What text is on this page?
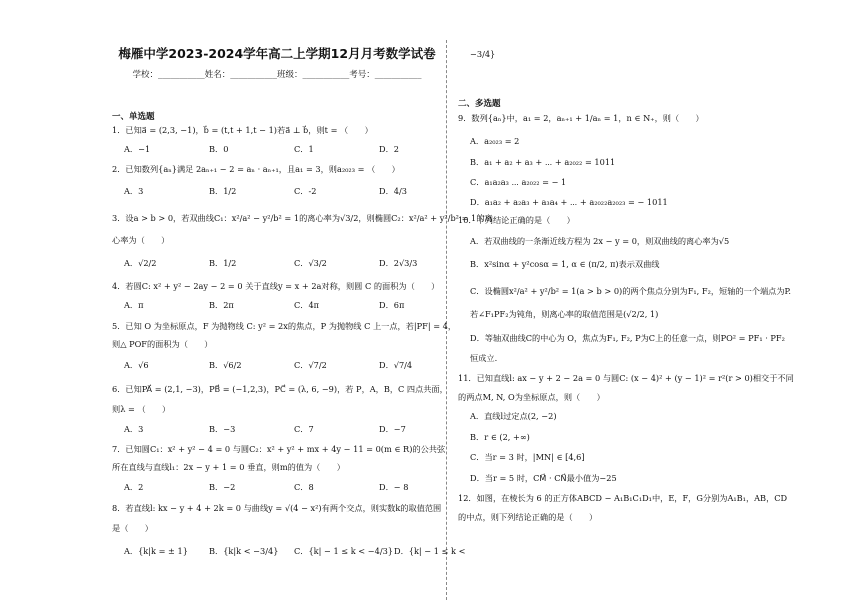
梅雁中学2023-2024学年高二上学期12月月考数学试卷
学校：___________姓名：___________班级：___________考号：___________
一、单选题
1．已知a⃗ = (2,3, −1)，b⃗ = (t,t + 1,t − 1)若a⃗ ⊥ b⃗，则t = （　　）
A．−1	B．0	C．1	D．2
2．已知数列{aₙ}满足 2aₙ₊₁ − 2 = aₙ · aₙ₊₁，且a₁ = 3，则a₂₀₂₃ = （　　）
A．3	B．1/2	C．-2	D．4/3
3．设a > b > 0，若双曲线C₁：x²/a² − y²/b² = 1的离心率为√3/2，则椭圆C₂：x²/a² + y²/b² = 1的离
心率为（　　）
A．√2/2	B．1/2	C．√3/2	D．2√3/3
4．若圆C: x² + y² − 2ay − 2 = 0 关于直线y = x + 2a对称，则圆 C 的面积为（　　）
A．π	B．2π	C．4π	D．6π
5．已知 O 为坐标原点，F 为抛物线 C: y² = 2x的焦点，P 为抛物线 C 上一点，若|PF| = 4，
则△ POF的面积为（　　）
A．√6	B．√6/2	C．√7/2	D．√7/4
6．已知PA⃗ = (2,1, −3)，PB⃗ = (−1,2,3)，PC⃗ = (λ, 6, −9)，若 P，A，B，C 四点共面，
则λ = （　　）
A．3	B．−3	C．7	D．−7
7．已知圆C₁：x² + y² − 4 = 0 与圆C₂：x² + y² + mx + 4y − 11 = 0(m ∈ R)的公共弦
所在直线与直线l₁：2x − y + 1 = 0 垂直，则m的值为（　　）
A．2	B．−2	C．8	D．− 8
8．若直线l: kx − y + 4 + 2k = 0 与曲线y = √(4 − x²)有两个交点，则实数k的取值范围
是（　　）
A．{k|k = ± 1}	B．{k|k < −3/4}	C．{k| − 1 ≤ k < −4/3} D．{k| − 1 ≤ k <
−3/4}
二、多选题
9．数列{aₙ}中，a₁ = 2，aₙ₊₁ + 1/aₙ = 1，n ∈ N₊，则（　　）
A．a₂₀₂₃ = 2
B．a₁ + a₂ + a₃ + ⋯ + a₂₀₂₂ = 1011
C．a₁a₂a₃ ⋯ a₂₀₂₂ = − 1
D．a₁a₂ + a₂a₃ + a₃a₄ + ⋯ + a₂₀₂₂a₂₀₂₃ = − 1011
10．下列结论正确的是（　　）
A．若双曲线的一条渐近线方程为 2x − y = 0，则双曲线的离心率为√5
B．x²sinα + y²cosα = 1, α ∈ (π/2, π)表示双曲线
C．设椭圆x²/a² + y²/b² = 1(a > b > 0)的两个焦点分别为F₁, F₂，短轴的一个端点为P.
若∠F₁PF₂为钝角，则离心率的取值范围是(√2/2, 1)
D．等轴双曲线C的中心为 O，焦点为F₁, F₂, P为C上的任意一点，则PO² = PF₁ · PF₂
恒成立.
11．已知直线l: ax − y + 2 − 2a = 0 与圆C: (x − 4)² + (y − 1)² = r²(r > 0)相交于不同
的两点M, N, O为坐标原点，则（　　）
A．直线l过定点(2, −2)
B．r ∈ (2, +∞)
C．当r = 3 时，|MN| ∈ [4,6]
D．当r = 5 时，CM⃗ · CN⃗最小值为−25
12．如图，在棱长为 6 的正方体ABCD − A₁B₁C₁D₁中，E，F，G分别为A₁B₁，AB，CD
的中点，则下列结论正确的是（　　）
